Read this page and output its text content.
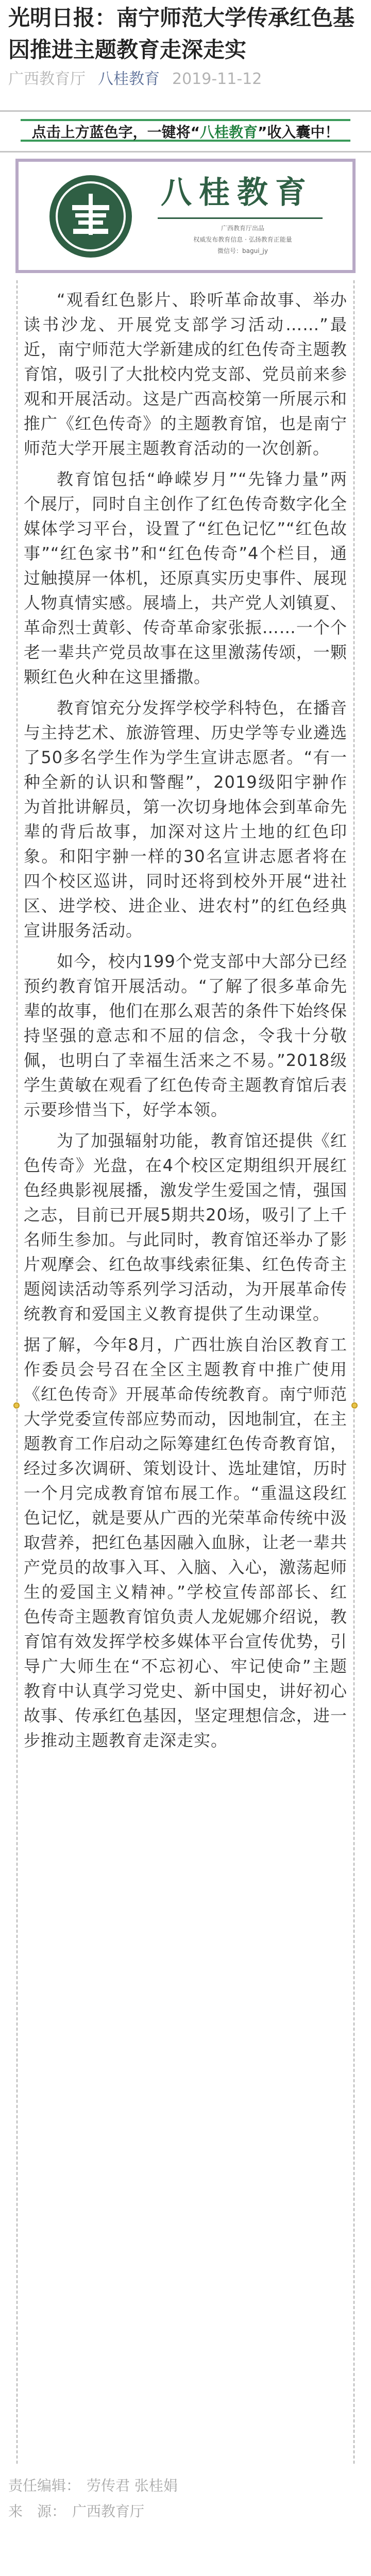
光明日报：南宁师范大学传承红色基因推进主题教育走深走实
广西教育厅 八桂教育 2019-11-12
点击上方蓝色字，一键将“八桂教育”收入囊中！
八桂教育
广西教育厅出品
权威发布教育信息 · 弘扬教育正能量
微信号：bagui_jy

“观看红色影片、聆听革命故事、举办读书沙龙、开展党支部学习活动……”最近，南宁师范大学新建成的红色传奇主题教育馆，吸引了大批校内党支部、党员前来参观和开展活动。这是广西高校第一所展示和推广《红色传奇》的主题教育馆，也是南宁师范大学开展主题教育活动的一次创新。

教育馆包括“峥嵘岁月”“先锋力量”两个展厅，同时自主创作了红色传奇数字化全媒体学习平台，设置了“红色记忆”“红色故事”“红色家书”和“红色传奇”4个栏目，通过触摸屏一体机，还原真实历史事件、展现人物真情实感。展墙上，共产党人刘镇夏、革命烈士黄彰、传奇革命家张振……一个个老一辈共产党员故事在这里激荡传颂，一颗颗红色火种在这里播撒。

教育馆充分发挥学校学科特色，在播音与主持艺术、旅游管理、历史学等专业遴选了50多名学生作为学生宣讲志愿者。“有一种全新的认识和警醒”，2019级阳宇翀作为首批讲解员，第一次切身地体会到革命先辈的背后故事，加深对这片土地的红色印象。和阳宇翀一样的30名宣讲志愿者将在四个校区巡讲，同时还将到校外开展“进社区、进学校、进企业、进农村”的红色经典宣讲服务活动。

如今，校内199个党支部中大部分已经预约教育馆开展活动。“了解了很多革命先辈的故事，他们在那么艰苦的条件下始终保持坚强的意志和不屈的信念，令我十分敬佩，也明白了幸福生活来之不易。”2018级学生黄敏在观看了红色传奇主题教育馆后表示要珍惜当下，好学本领。

为了加强辐射功能，教育馆还提供《红色传奇》光盘，在4个校区定期组织开展红色经典影视展播，激发学生爱国之情，强国之志，目前已开展5期共20场，吸引了上千名师生参加。与此同时，教育馆还举办了影片观摩会、红色故事线索征集、红色传奇主题阅读活动等系列学习活动，为开展革命传统教育和爱国主义教育提供了生动课堂。

据了解，今年8月，广西壮族自治区教育工作委员会号召在全区主题教育中推广使用《红色传奇》开展革命传统教育。南宁师范大学党委宣传部应势而动，因地制宜，在主题教育工作启动之际筹建红色传奇教育馆，经过多次调研、策划设计、选址建馆，历时一个月完成教育馆布展工作。“重温这段红色记忆，就是要从广西的光荣革命传统中汲取营养，把红色基因融入血脉，让老一辈共产党员的故事入耳、入脑、入心，激荡起师生的爱国主义精神。”学校宣传部部长、红色传奇主题教育馆负责人龙妮娜介绍说，教育馆有效发挥学校多媒体平台宣传优势，引导广大师生在“不忘初心、牢记使命”主题教育中认真学习党史、新中国史，讲好初心故事、传承红色基因，坚定理想信念，进一步推动主题教育走深走实。

责任编辑： 劳传君 张桂娟
来　源： 广西教育厅
